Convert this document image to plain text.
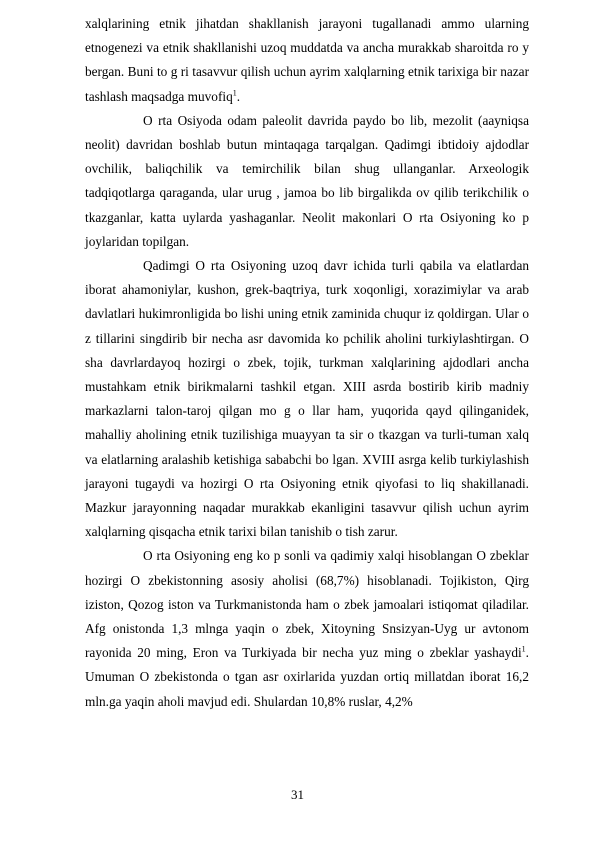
xalqlarining etnik jihatdan shakllanish jarayoni tugallanadi ammo ularning etnogenezi va etnik shakllanishi uzoq muddatda va ancha murakkab sharoitda ro y bergan. Buni to g ri tasavvur qilish uchun ayrim xalqlarning etnik tarixiga bir nazar tashlash maqsadga muvofiq$^1$.

O rta Osiyoda odam paleolit davrida paydo bo lib, mezolit (aayniqsa neolit) davridan boshlab butun mintaqaga tarqalgan. Qadimgi ibtidoiy ajdodlar ovchilik, baliqchilik va temirchilik bilan shug ullanganlar. Arxeologik tadqiqotlarga qaraganda, ular urug , jamoa bo lib birgalikda ov qilib terikchilik o tkazganlar, katta uylarda yashaganlar. Neolit makonlari O rta Osiyoning ko p joylaridan topilgan.

Qadimgi O rta Osiyoning uzoq davr ichida turli qabila va elatlardan iborat ahamoniylar, kushon, grek-baqtriya, turk xoqonligi, xorazimiylar va arab davlatlari hukimronligida bo lishi uning etnik zaminida chuqur iz qoldirgan. Ular o z tillarini singdirib bir necha asr davomida ko pchilik aholini turkiylashtirgan. O sha davrlardayoq hozirgi o zbek, tojik, turkman xalqlarining ajdodlari ancha mustahkam etnik birikmalarni tashkil etgan. XIII asrda bostirib kirib madniy markazlarni talon-taroj qilgan mo g o llar ham, yuqorida qayd qilinganidek, mahalliy aholining etnik tuzilishiga muayyan ta sir o tkazgan va turli-tuman xalq va elatlarning aralashib ketishiga sababchi bo lgan. XVIII asrga kelib turkiylashish jarayoni tugaydi va hozirgi O rta Osiyoning etnik qiyofasi to liq shakillanadi. Mazkur jarayonning naqadar murakkab ekanligini tasavvur qilish uchun ayrim xalqlarning qisqacha etnik tarixi bilan tanishib o tish zarur.

O rta Osiyoning eng ko p sonli va qadimiy xalqi hisoblangan O zbeklar hozirgi O zbekistonning asosiy aholisi (68,7%) hisoblanadi. Tojikiston, Qirg iziston, Qozog iston va Turkmanistonda ham o zbek jamoalari istiqomat qiladilar. Afg onistonda 1,3 mlnga yaqin o zbek, Xitoyning Snsizyan-Uyg ur avtonom rayonida 20 ming, Eron va Turkiyada bir necha yuz ming o zbeklar yashaydi$^1$. Umuman O zbekistonda o tgan asr oxirlarida yuzdan ortiq millatdan iborat 16,2 mln.ga yaqin aholi mavjud edi. Shulardan 10,8% ruslar, 4,2%

31
